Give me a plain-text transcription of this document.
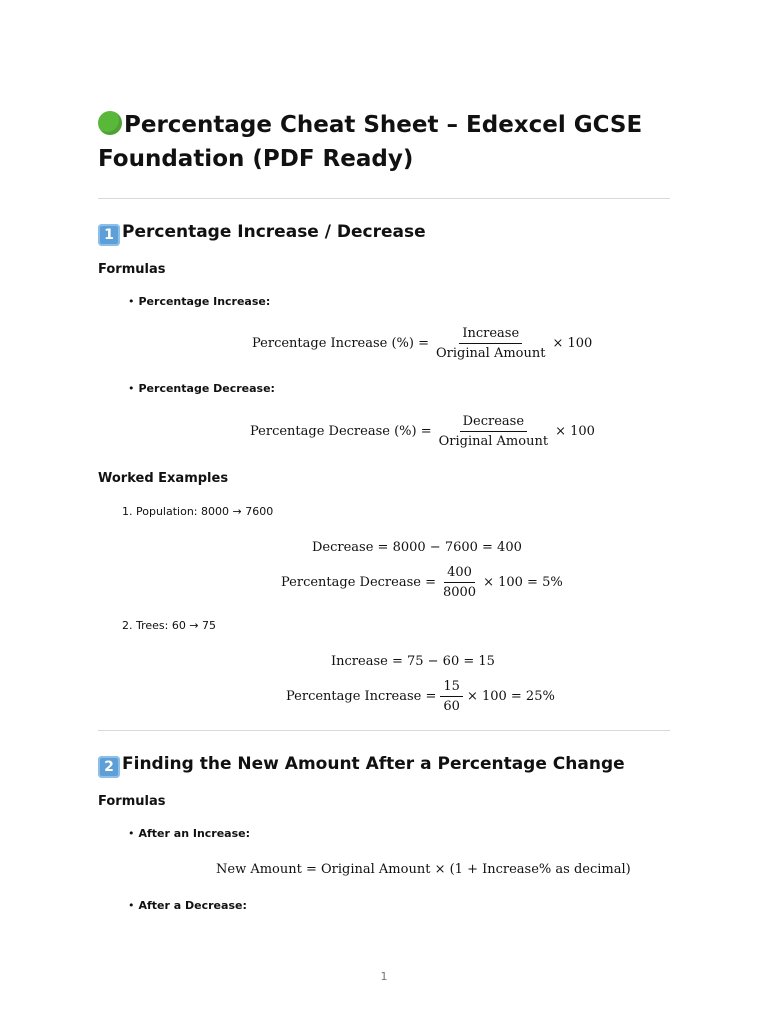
Percentage Cheat Sheet – Edexcel GCSE Foundation (PDF Ready)
1 Percentage Increase / Decrease
Formulas
• Percentage Increase:
Percentage Increase (%) = $\frac{\text{Increase}}{\text{Original Amount}} \times 100$
• Percentage Decrease:
Percentage Decrease (%) = $\frac{\text{Decrease}}{\text{Original Amount}} \times 100$
Worked Examples
1. Population: 8000 → 7600
Decrease = 8000 − 7600 = 400
Percentage Decrease = $\frac{400}{8000} \times 100 = 5\%$
2. Trees: 60 → 75
Increase = 75 − 60 = 15
Percentage Increase = $\frac{15}{60} \times 100 = 25\%$
2 Finding the New Amount After a Percentage Change
Formulas
• After an Increase:
New Amount = Original Amount × (1 + Increase% as decimal)
• After a Decrease:
1
